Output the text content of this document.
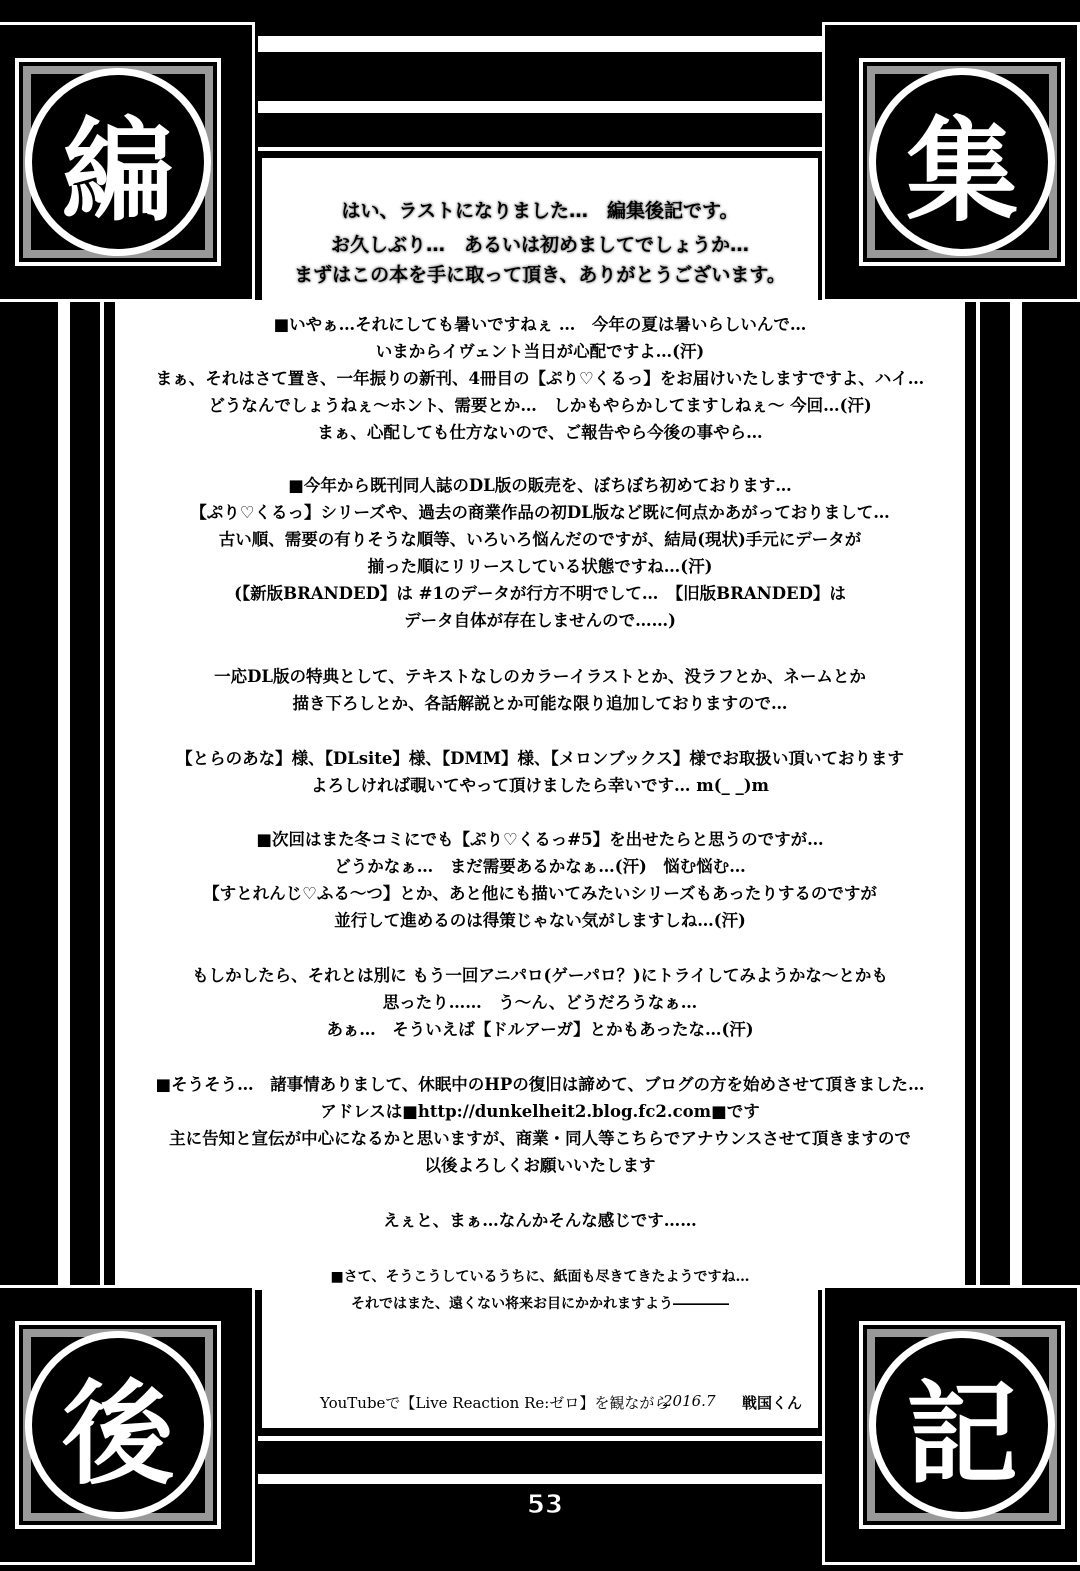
編	集
後	記
はい、ラストになりました…　編集後記です。
お久しぶり…　あるいは初めましてでしょうか…
まずはこの本を手に取って頂き、ありがとうございます。
■いやぁ…それにしても暑いですねぇ …　今年の夏は暑いらしいんで…
いまからイヴェント当日が心配ですよ…(汗)
まぁ、それはさて置き、一年振りの新刊、4冊目の【ぷり♡くるっ】をお届けいたしますですよ、ハイ…
どうなんでしょうねぇ～ホント、需要とか…　しかもやらかしてますしねぇ～ 今回…(汗)
まぁ、心配しても仕方ないので、ご報告やら今後の事やら…
■今年から既刊同人誌のDL版の販売を、ぼちぼち初めております…
【ぷり♡くるっ】シリーズや、過去の商業作品の初DL版など既に何点かあがっておりまして…
古い順、需要の有りそうな順等、いろいろ悩んだのですが、結局(現状)手元にデータが
揃った順にリリースしている状態ですね…(汗)
(【新版BRANDED】は #1のデータが行方不明でして…　【旧版BRANDED】は
データ自体が存在しませんので……)
一応DL版の特典として、テキストなしのカラーイラストとか、没ラフとか、ネームとか
描き下ろしとか、各話解説とか可能な限り追加しておりますので…
【とらのあな】様、【DLsite】様、【DMM】様、【メロンブックス】様でお取扱い頂いております
よろしければ覗いてやって頂けましたら幸いです… m(_ _)m
■次回はまた冬コミにでも【ぷり♡くるっ#5】を出せたらと思うのですが…
どうかなぁ…　まだ需要あるかなぁ…(汗)　悩む悩む…
【すとれんじ♡ふる～つ】とか、あと他にも描いてみたいシリーズもあったりするのですが
並行して進めるのは得策じゃない気がしますしね…(汗)
もしかしたら、それとは別に もう一回アニパロ(ゲーパロ？)にトライしてみようかな～とかも
思ったり……　う～ん、どうだろうなぁ…
あぁ…　そういえば【ドルアーガ】とかもあったな…(汗)
■そうそう…　諸事情ありまして、休眠中のHPの復旧は諦めて、ブログの方を始めさせて頂きました…
アドレスは■http://dunkelheit2.blog.fc2.com■です
主に告知と宣伝が中心になるかと思いますが、商業・同人等こちらでアナウンスさせて頂きますので
以後よろしくお願いいたします
えぇと、まぁ…なんかそんな感じです……
■さて、そうこうしているうちに、紙面も尽きてきたようですね…
それではまた、遠くない将来お目にかかれますよう――――
YouTubeで【Live Reaction Re:ゼロ】を観ながら
2016.7 戦国くん
53
